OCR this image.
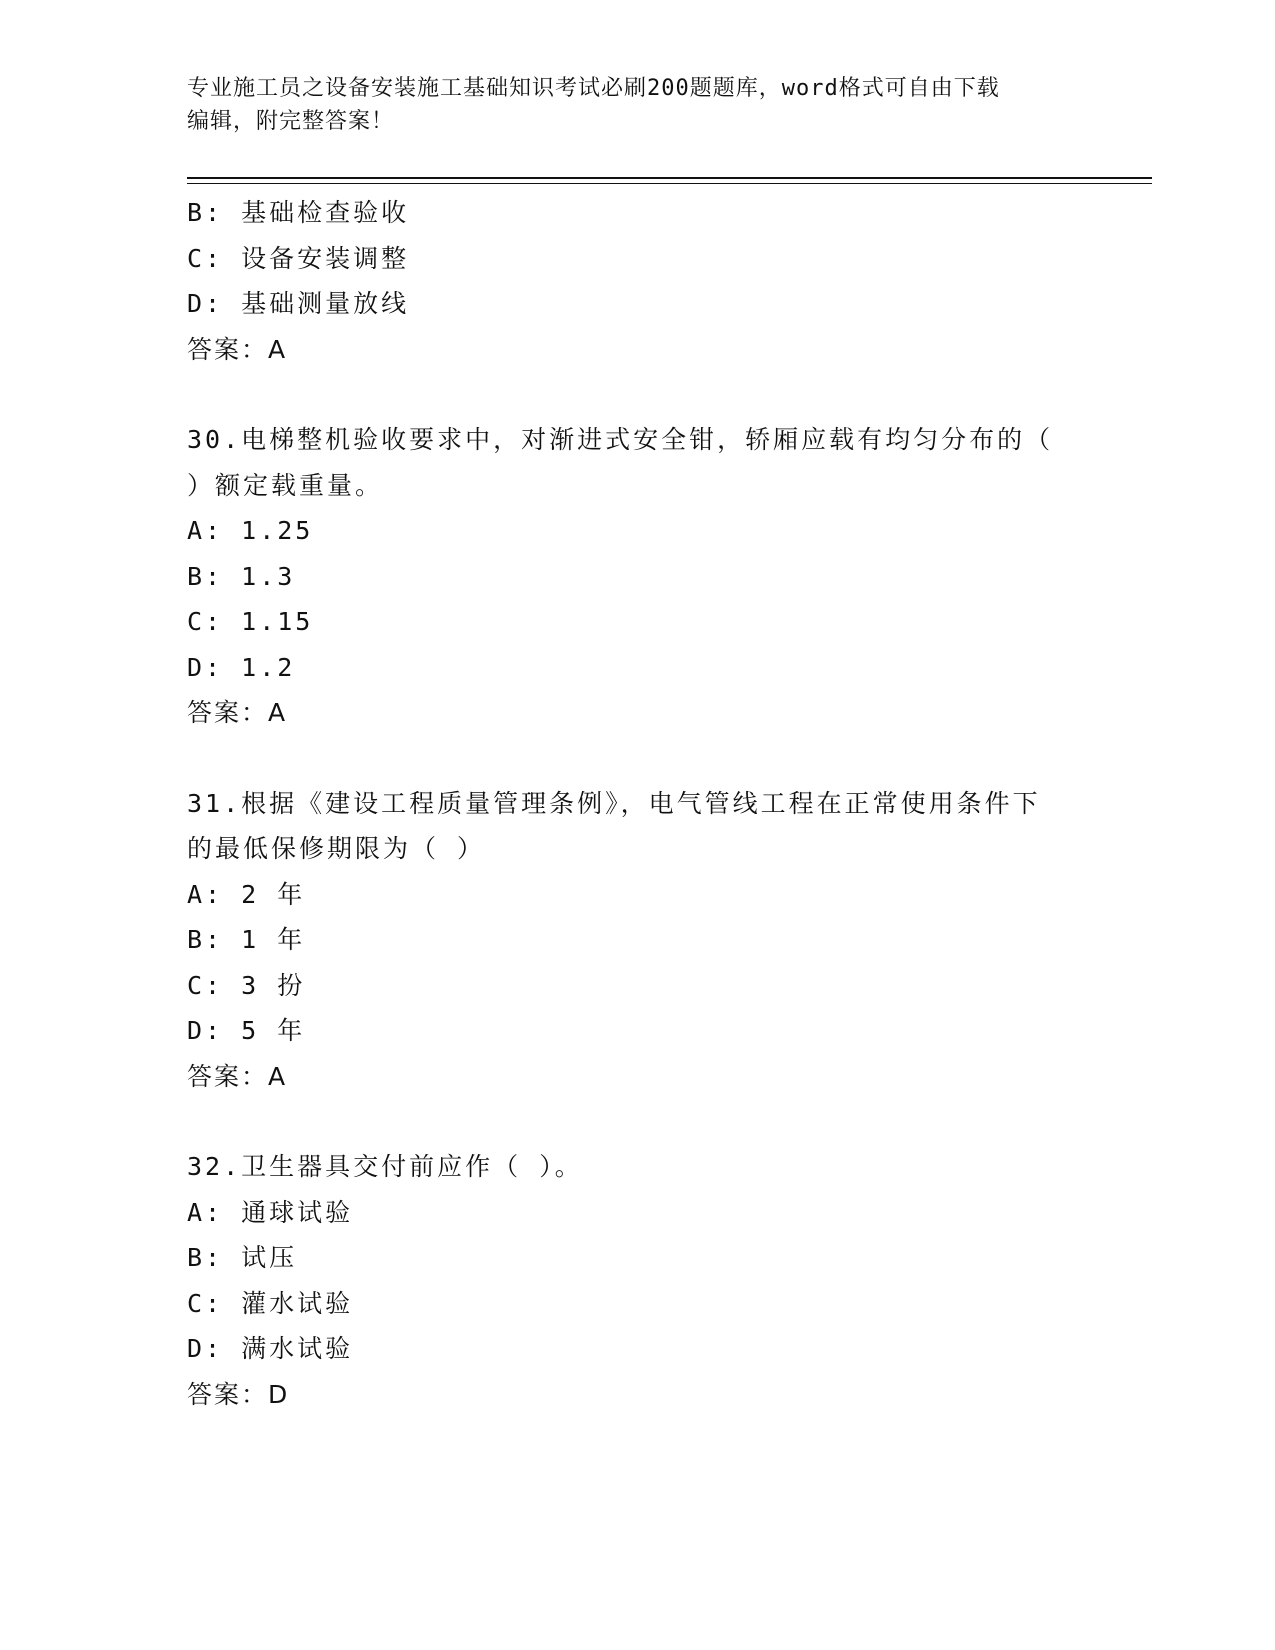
专业施工员之设备安装施工基础知识考试必刷200题题库，word格式可自由下载
编辑，附完整答案！
B: 基础检查验收
C: 设备安装调整
D: 基础测量放线
答案：A
30.电梯整机验收要求中，对渐进式安全钳，轿厢应载有均匀分布的（
）额定载重量。
A: 1.25
B: 1.3
C: 1.15
D: 1.2
答案：A
31.根据《建设工程质量管理条例》，电气管线工程在正常使用条件下
的最低保修期限为（ ）
A: 2 年
B: 1 年
C: 3 扮
D: 5 年
答案：A
32.卫生器具交付前应作（ ）。
A: 通球试验
B: 试压
C: 灌水试验
D: 满水试验
答案：D
